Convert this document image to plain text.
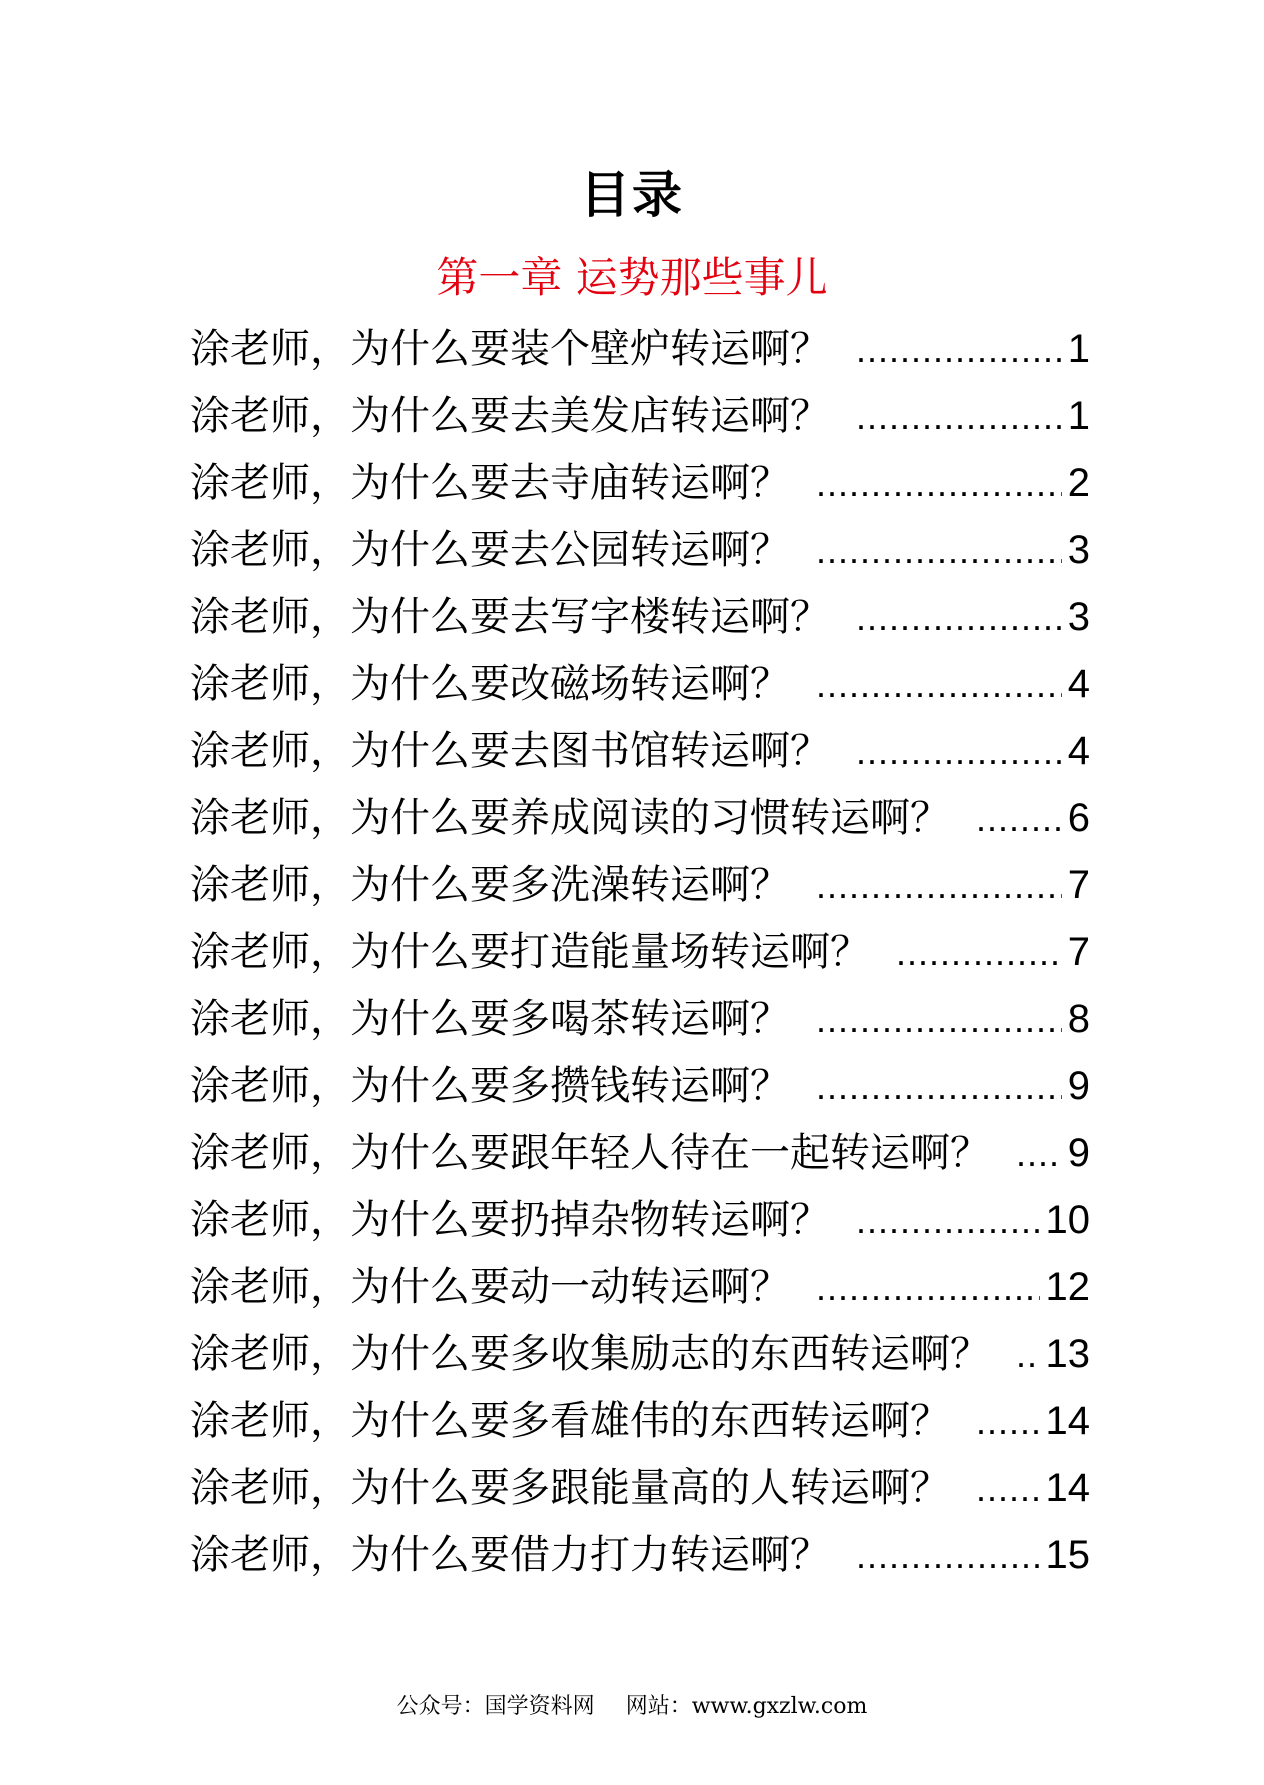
目录
第一章 运势那些事儿
涂老师，为什么要装个壁炉转运啊？ .....	1
涂老师，为什么要去美发店转运啊？ .....	1
涂老师，为什么要去寺庙转运啊？ .....	2
涂老师，为什么要去公园转运啊？ .....	3
涂老师，为什么要去写字楼转运啊？ .....	3
涂老师，为什么要改磁场转运啊？ .....	4
涂老师，为什么要去图书馆转运啊？ .....	4
涂老师，为什么要养成阅读的习惯转运啊？ .....	6
涂老师，为什么要多洗澡转运啊？ .....	7
涂老师，为什么要打造能量场转运啊？ .....	7
涂老师，为什么要多喝茶转运啊？ .....	8
涂老师，为什么要多攒钱转运啊？ .....	9
涂老师，为什么要跟年轻人待在一起转运啊？ ..... 9
涂老师，为什么要扔掉杂物转运啊？ .....	10
涂老师，为什么要动一动转运啊？ .....	12
涂老师，为什么要多收集励志的东西转运啊？ ..... 13
涂老师，为什么要多看雄伟的东西转运啊？ ..... 14
涂老师，为什么要多跟能量高的人转运啊？ ..... 14
涂老师，为什么要借力打力转运啊？ .....	15
公众号：国学资料网 网站：www.gxzlw.com
